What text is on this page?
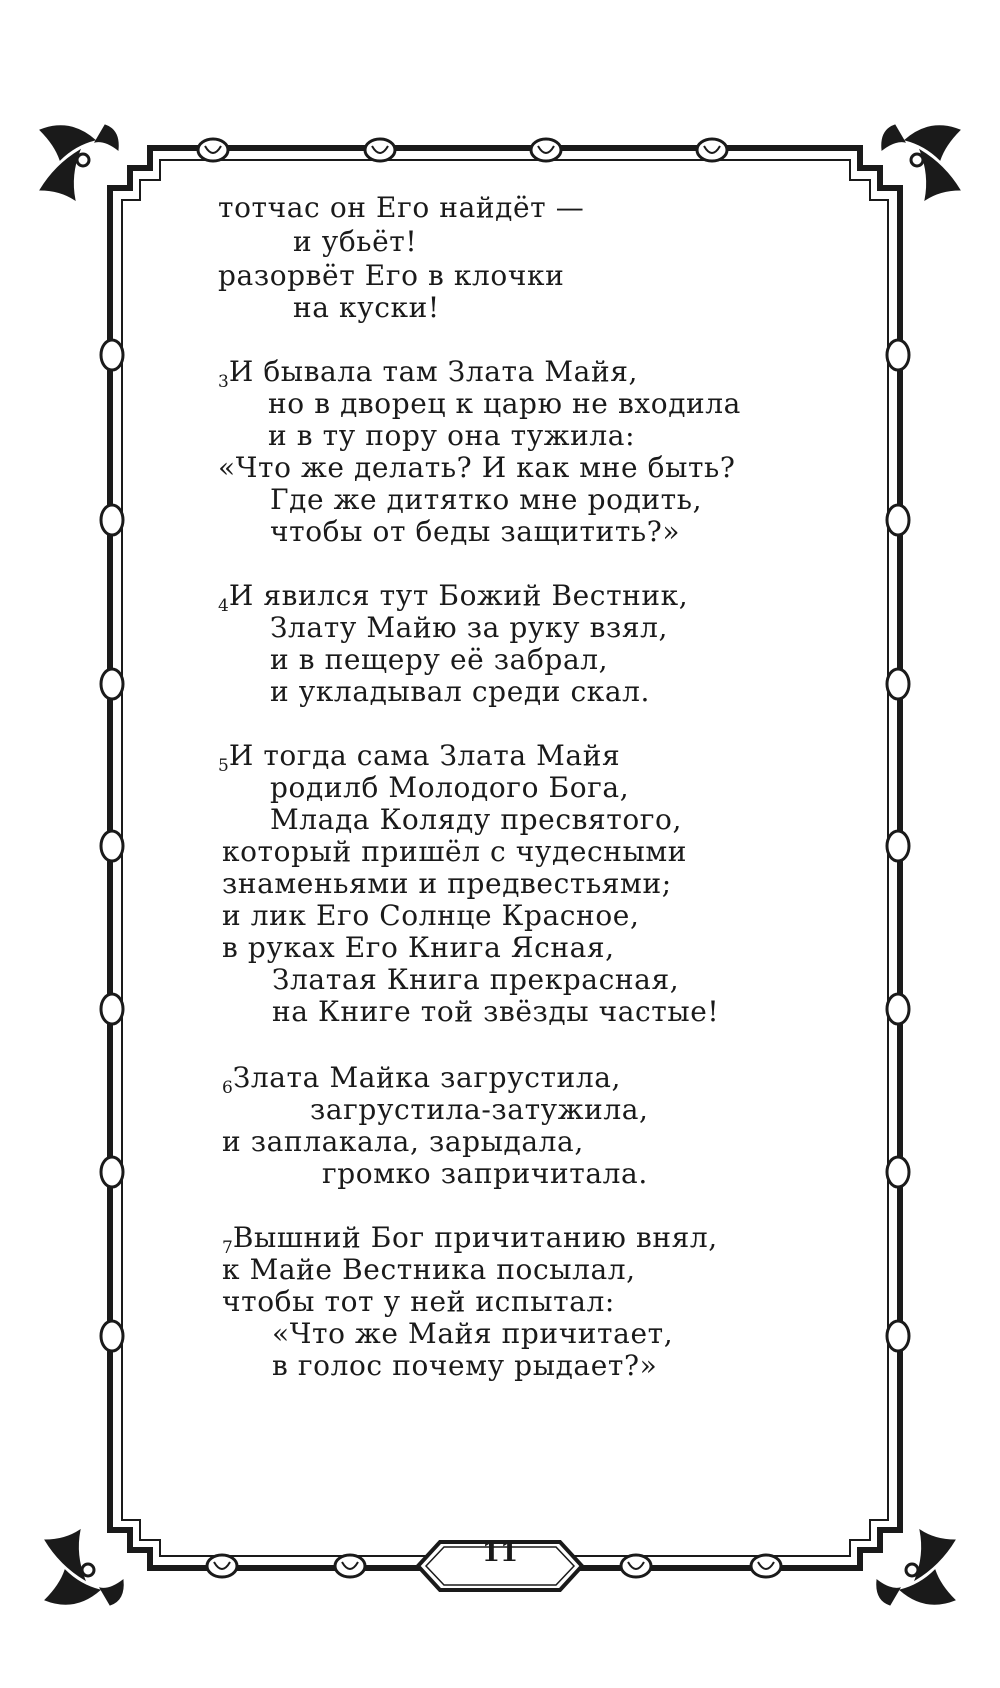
тотчас он Его найдёт —
и убьёт!
разорвёт Его в клочки
на куски!
$_3$И бывала там Злата Майя,
но в дворец к царю не входила
и в ту пору она тужила:
«Что же делать? И как мне быть?
Где же дитятко мне родить,
чтобы от беды защитить?»
$_4$И явился тут Божий Вестник,
Злату Майю за руку взял,
и в пещеру её забрал,
и укладывал среди скал.
$_5$И тогда сама Злата Майя
родилб Молодого Бога,
Млада Коляду пресвятого,
который пришёл с чудесными
знаменьями и предвестьями;
и лик Его Солнце Красное,
в руках Его Книга Ясная,
Златая Книга прекрасная,
на Книге той звёзды частые!
$_6$Злата Майка загрустила,
загрустила-затужила,
и заплакала, зарыдала,
громко запричитала.
$_7$Вышний Бог причитанию внял,
к Майе Вестника посылал,
чтобы тот у ней испытал:
«Что же Майя причитает,
в голос почему рыдает?»
11
